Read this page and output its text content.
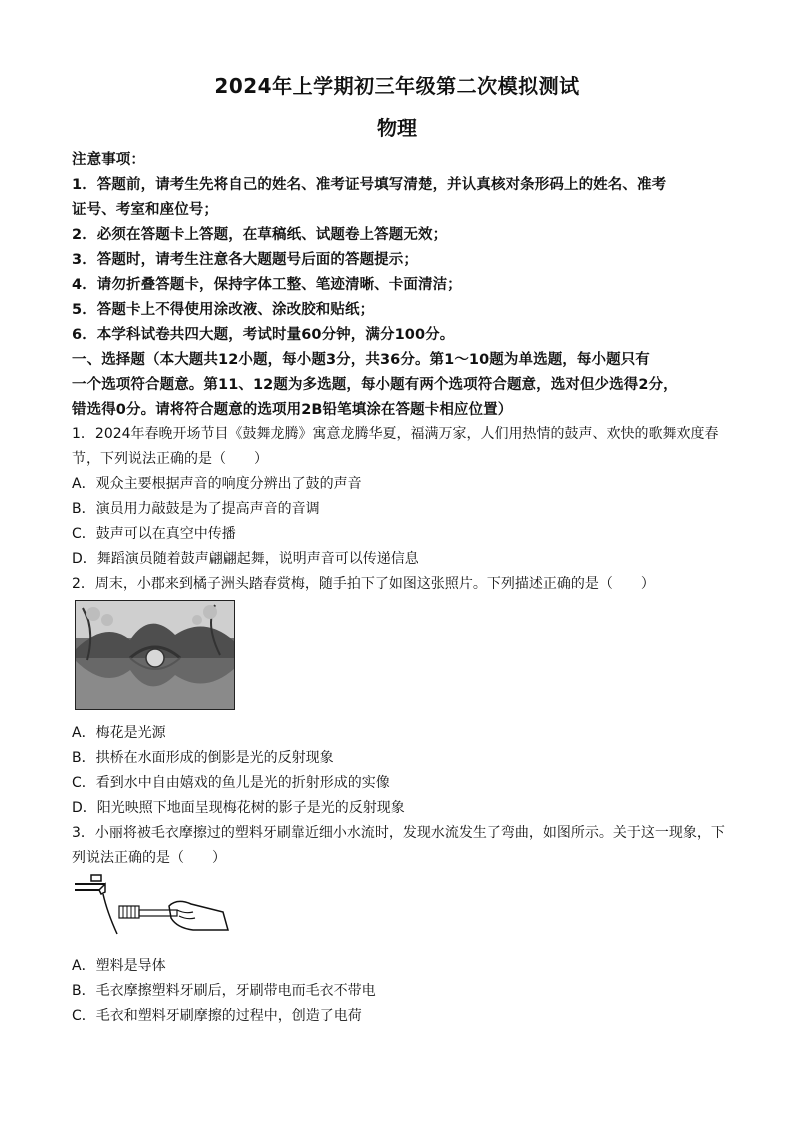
2024年上学期初三年级第二次模拟测试
物理
注意事项：
1．答题前，请考生先将自己的姓名、准考证号填写清楚，并认真核对条形码上的姓名、准考
证号、考室和座位号；
2．必须在答题卡上答题，在草稿纸、试题卷上答题无效；
3．答题时，请考生注意各大题题号后面的答题提示；
4．请勿折叠答题卡，保持字体工整、笔迹清晰、卡面清洁；
5．答题卡上不得使用涂改液、涂改胶和贴纸；
6．本学科试卷共四大题，考试时量60分钟，满分100分。
一、选择题（本大题共12小题，每小题3分，共36分。第1～10题为单选题，每小题只有
一个选项符合题意。第11、12题为多选题，每小题有两个选项符合题意，选对但少选得2分，
错选得0分。请将符合题意的选项用2B铅笔填涂在答题卡相应位置）
1．2024年春晚开场节目《鼓舞龙腾》寓意龙腾华夏，福满万家，人们用热情的鼓声、欢快的歌舞欢度春
节，下列说法正确的是（　　）
A．观众主要根据声音的响度分辨出了鼓的声音
B．演员用力敲鼓是为了提高声音的音调
C．鼓声可以在真空中传播
D．舞蹈演员随着鼓声翩翩起舞，说明声音可以传递信息
2．周末，小郡来到橘子洲头踏春赏梅，随手拍下了如图这张照片。下列描述正确的是（　　）
A．梅花是光源
B．拱桥在水面形成的倒影是光的反射现象
C．看到水中自由嬉戏的鱼儿是光的折射形成的实像
D．阳光映照下地面呈现梅花树的影子是光的反射现象
3．小丽将被毛衣摩擦过的塑料牙刷靠近细小水流时，发现水流发生了弯曲，如图所示。关于这一现象，下
列说法正确的是（　　）
A．塑料是导体
B．毛衣摩擦塑料牙刷后，牙刷带电而毛衣不带电
C．毛衣和塑料牙刷摩擦的过程中，创造了电荷
